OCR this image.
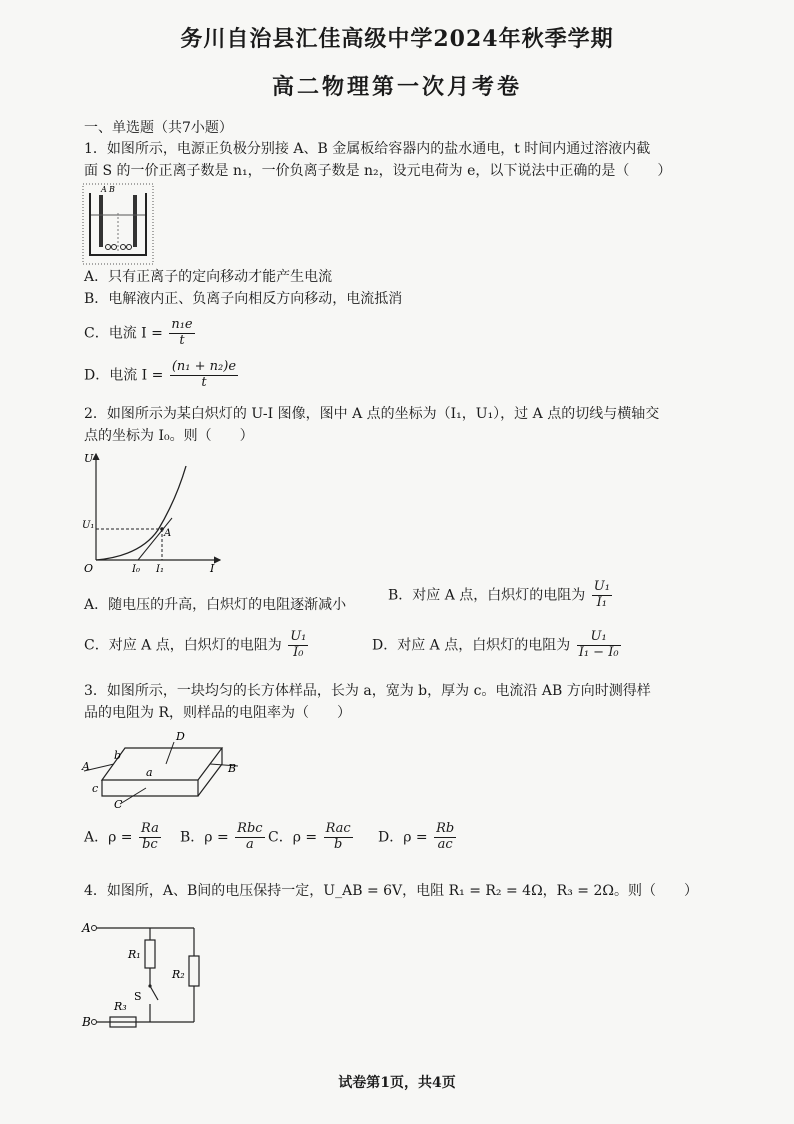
务川自治县汇佳高级中学2024年秋季学期
高二物理第一次月考卷
一、单选题（共7小题）
1．如图所示，电源正负极分别接 A、B 金属板给容器内的盐水通电，t 时间内通过溶液内截
面 S 的一价正离子数是 n₁，一价负离子数是 n₂，设元电荷为 e，以下说法中正确的是（　　）
A B
A．只有正离子的定向移动才能产生电流
B．电解液内正、负离子向相反方向移动，电流抵消
C．电流 $I = \frac{\text{n₁e}}{t}$
D．电流 $I = \frac{\text{(n₁ + n₂)e}}{t}$
2．如图所示为某白炽灯的 U-I 图像，图中 A 点的坐标为（I₁，U₁），过 A 点的切线与横轴交
点的坐标为 I₀。则（　　）
U
I
O
U₁
A
I₀ I₁
A．随电压的升高，白炽灯的电阻逐渐减小
B．对应 A 点，白炽灯的电阻为 $\frac{\text{U₁}}{\text{I₁}}$
C．对应 A 点，白炽灯的电阻为 $\frac{\text{U₁}}{\text{I₀}}$	D．对应 A 点，白炽灯的电阻为 $\frac{\text{U₁}}{\text{I₁ − I₀}}$
3．如图所示，一块均匀的长方体样品，长为 a，宽为 b，厚为 c。电流沿 AB 方向时测得样
品的电阻为 R，则样品的电阻率为（　　）
A	B
C
D
a
b
c
A．$\rho = \frac{Ra}{bc}$ B．$\rho = \frac{\text{Rbc}}{a}$ C．$\rho = \frac{\text{Rac}}{b}$ D．$\rho = \frac{Rb}{ac}$
4．如图所，A、B间的电压保持一定，U_AB = 6V，电阻 R₁ = R₂ = 4Ω，R₃ = 2Ω。则（　　）
A
B
R₁
R₂
R₃
S
试卷第1页，共4页
